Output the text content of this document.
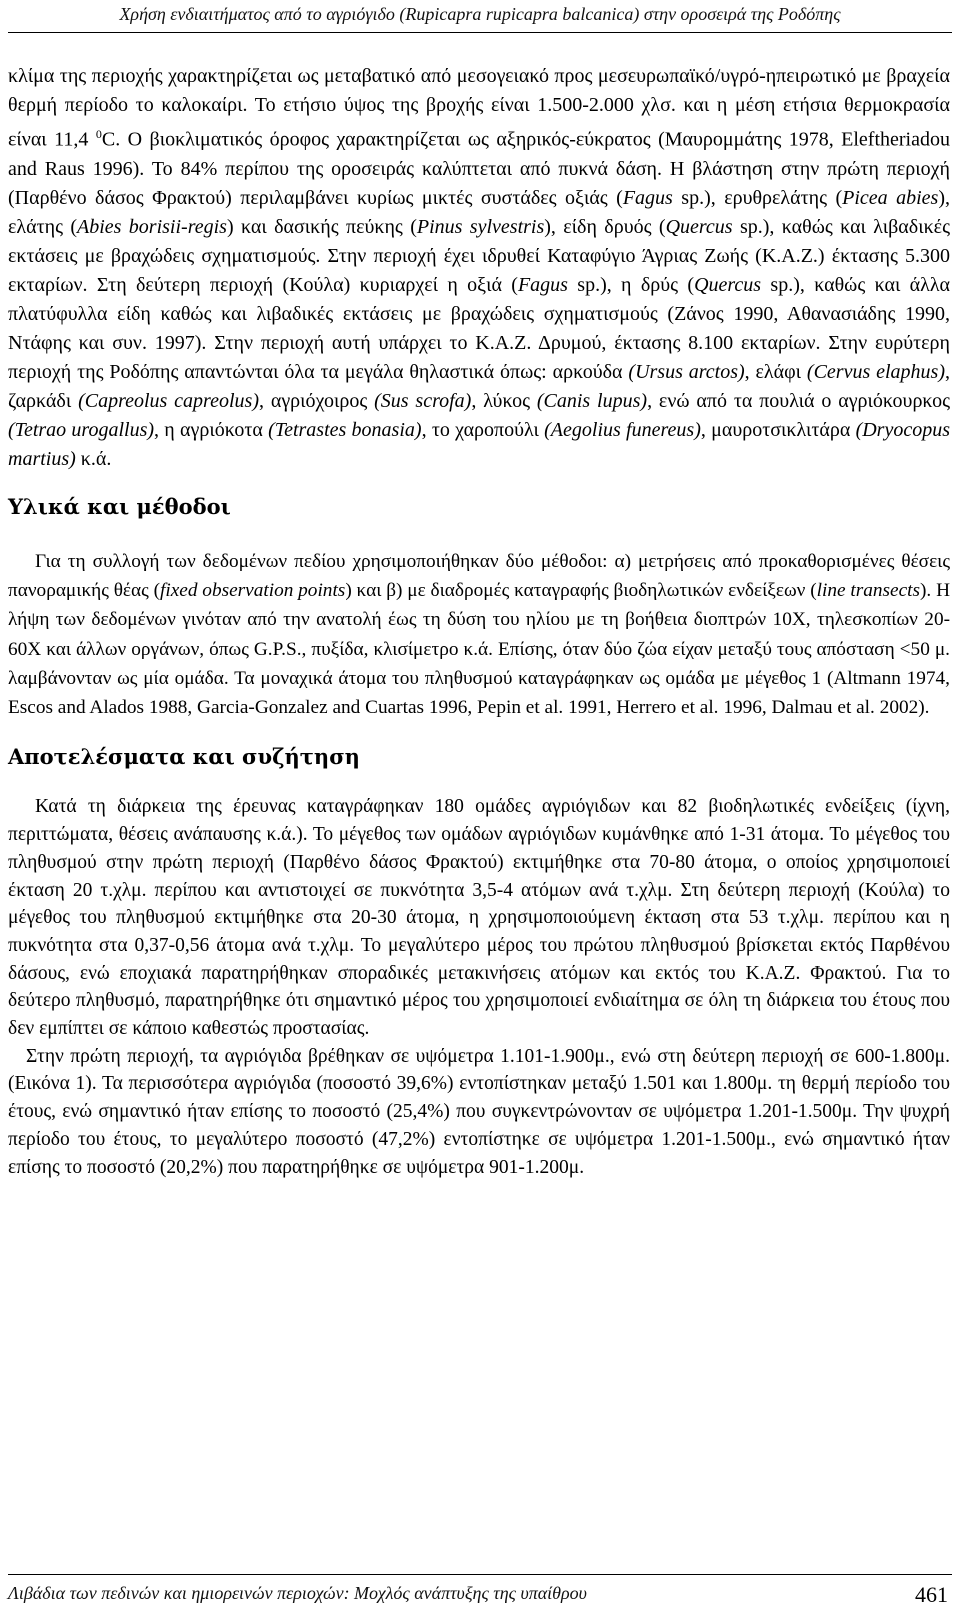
Χρήση ενδιαιτήματος από το αγριόγιδο (Rupicapra rupicapra balcanica) στην οροσειρά της Ροδόπης

κλίμα της περιοχής χαρακτηρίζεται ως μεταβατικό από μεσογειακό προς μεσευρωπαϊκό/υγρό-ηπειρωτικό με βραχεία θερμή περίοδο το καλοκαίρι. Το ετήσιο ύψος της βροχής είναι 1.500-2.000 χλσ. και η μέση ετήσια θερμοκρασία είναι 11,4 $^0$C. Ο βιοκλιματικός όροφος χαρακτηρίζεται ως αξηρικός-εύκρατος (Μαυρομμάτης 1978, Eleftheriadou and Raus 1996). Το 84% περίπου της οροσειράς καλύπτεται από πυκνά δάση. Η βλάστηση στην πρώτη περιοχή (Παρθένο δάσος Φρακτού) περιλαμβάνει κυρίως μικτές συστάδες οξιάς (Fagus sp.), ερυθρελάτης (Picea abies), ελάτης (Abies borisii-regis) και δασικής πεύκης (Pinus sylvestris), είδη δρυός (Quercus sp.), καθώς και λιβαδικές εκτάσεις με βραχώδεις σχηματισμούς. Στην περιοχή έχει ιδρυθεί Καταφύγιο Άγριας Ζωής (Κ.Α.Ζ.) έκτασης 5.300 εκταρίων. Στη δεύτερη περιοχή (Κούλα) κυριαρχεί η οξιά (Fagus sp.), η δρύς (Quercus sp.), καθώς και άλλα πλατύφυλλα είδη καθώς και λιβαδικές εκτάσεις με βραχώδεις σχηματισμούς (Ζάνος 1990, Αθανασιάδης 1990, Ντάφης και συν. 1997). Στην περιοχή αυτή υπάρχει το Κ.Α.Ζ. Δρυμού, έκτασης 8.100 εκταρίων. Στην ευρύτερη περιοχή της Ροδόπης απαντώνται όλα τα μεγάλα θηλαστικά όπως: αρκούδα (Ursus arctos), ελάφι (Cervus elaphus), ζαρκάδι (Capreolus capreolus), αγριόχοιρος (Sus scrofa), λύκος (Canis lupus), ενώ από τα πουλιά ο αγριόκουρκος (Tetrao urogallus), η αγριόκοτα (Tetrastes bonasia), το χαροπούλι (Aegolius funereus), μαυροτσικλιτάρα (Dryocopus martius) κ.ά.

Υλικά και μέθοδοι

Για τη συλλογή των δεδομένων πεδίου χρησιμοποιήθηκαν δύο μέθοδοι: α) μετρήσεις από προκαθορισμένες θέσεις πανοραμικής θέας (fixed observation points) και β) με διαδρομές καταγραφής βιοδηλωτικών ενδείξεων (line transects). Η λήψη των δεδομένων γινόταν από την ανατολή έως τη δύση του ηλίου με τη βοήθεια διοπτρών 10Χ, τηλεσκοπίων 20-60Χ και άλλων οργάνων, όπως G.P.S., πυξίδα, κλισίμετρο κ.ά. Επίσης, όταν δύο ζώα είχαν μεταξύ τους απόσταση <50 μ. λαμβάνονταν ως μία ομάδα. Τα μοναχικά άτομα του πληθυσμού καταγράφηκαν ως ομάδα με μέγεθος 1 (Altmann 1974, Escos and Alados 1988, Garcia-Gonzalez and Cuartas 1996, Pepin et al. 1991, Herrero et al. 1996, Dalmau et al. 2002).

Αποτελέσματα και συζήτηση

Κατά τη διάρκεια της έρευνας καταγράφηκαν 180 ομάδες αγριόγιδων και 82 βιοδηλωτικές ενδείξεις (ίχνη, περιττώματα, θέσεις ανάπαυσης κ.ά.). Το μέγεθος των ομάδων αγριόγιδων κυμάνθηκε από 1-31 άτομα. Το μέγεθος του πληθυσμού στην πρώτη περιοχή (Παρθένο δάσος Φρακτού) εκτιμήθηκε στα 70-80 άτομα, ο οποίος χρησιμοποιεί έκταση 20 τ.χλμ. περίπου και αντιστοιχεί σε πυκνότητα 3,5-4 ατόμων ανά τ.χλμ. Στη δεύτερη περιοχή (Κούλα) το μέγεθος του πληθυσμού εκτιμήθηκε στα 20-30 άτομα, η χρησιμοποιούμενη έκταση στα 53 τ.χλμ. περίπου και η πυκνότητα στα 0,37-0,56 άτομα ανά τ.χλμ. Το μεγαλύτερο μέρος του πρώτου πληθυσμού βρίσκεται εκτός Παρθένου δάσους, ενώ εποχιακά παρατηρήθηκαν σποραδικές μετακινήσεις ατόμων και εκτός του Κ.Α.Ζ. Φρακτού. Για το δεύτερο πληθυσμό, παρατηρήθηκε ότι σημαντικό μέρος του χρησιμοποιεί ενδιαίτημα σε όλη τη διάρκεια του έτους που δεν εμπίπτει σε κάποιο καθεστώς προστασίας.

Στην πρώτη περιοχή, τα αγριόγιδα βρέθηκαν σε υψόμετρα 1.101-1.900μ., ενώ στη δεύτερη περιοχή σε 600-1.800μ. (Εικόνα 1). Τα περισσότερα αγριόγιδα (ποσοστό 39,6%) εντοπίστηκαν μεταξύ 1.501 και 1.800μ. τη θερμή περίοδο του έτους, ενώ σημαντικό ήταν επίσης το ποσοστό (25,4%) που συγκεντρώνονταν σε υψόμετρα 1.201-1.500μ. Την ψυχρή περίοδο του έτους, το μεγαλύτερο ποσοστό (47,2%) εντοπίστηκε σε υψόμετρα 1.201-1.500μ., ενώ σημαντικό ήταν επίσης το ποσοστό (20,2%) που παρατηρήθηκε σε υψόμετρα 901-1.200μ.

Λιβάδια των πεδινών και ημιορεινών περιοχών: Μοχλός ανάπτυξης της υπαίθρου	461
